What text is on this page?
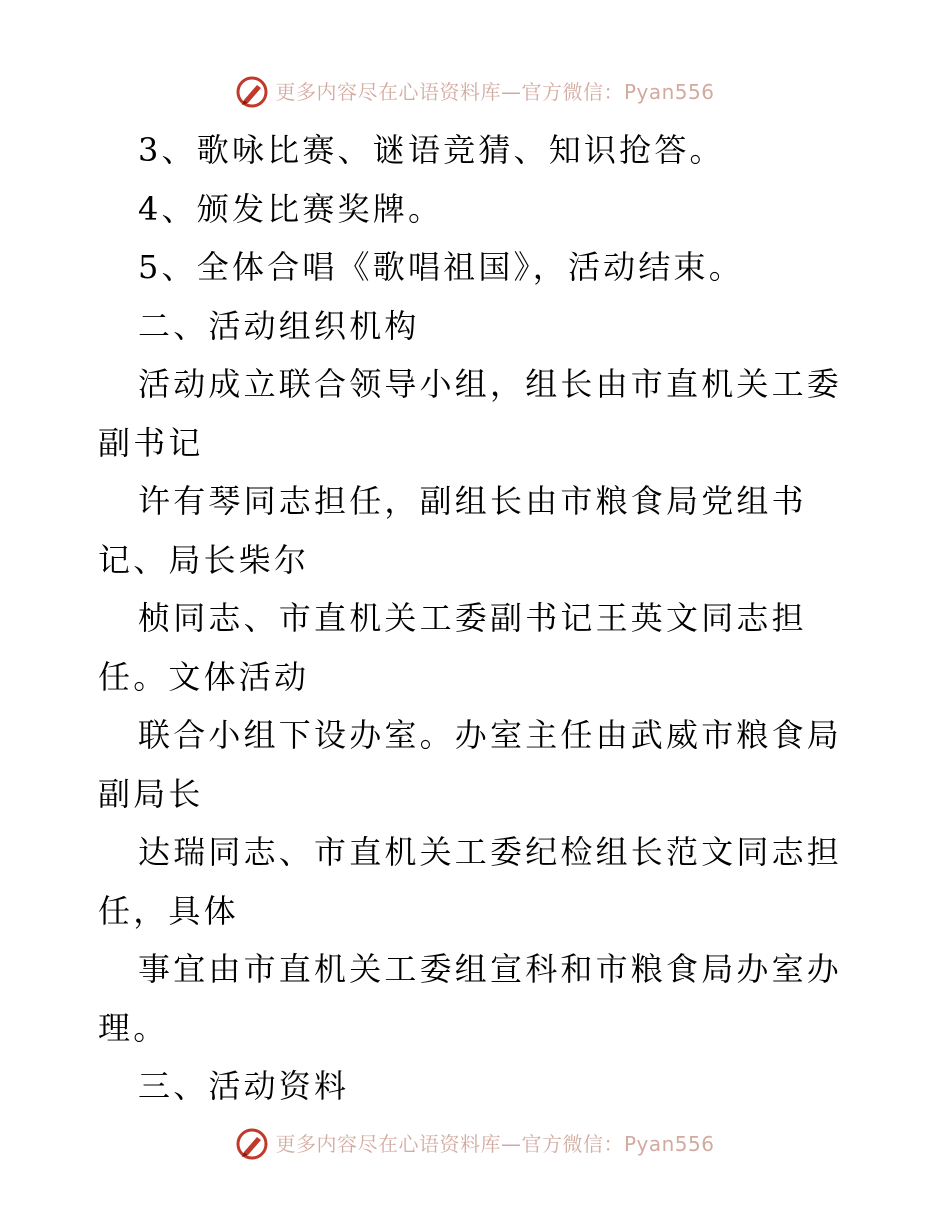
更多内容尽在心语资料库—官方微信：Pyan556

3、歌咏比赛、谜语竞猜、知识抢答。

4、颁发比赛奖牌。

5、全体合唱《歌唱祖国》，活动结束。

二、活动组织机构

活动成立联合领导小组，组长由市直机关工委副书记

许有琴同志担任，副组长由市粮食局党组书记、局长柴尔

桢同志、市直机关工委副书记王英文同志担任。文体活动

联合小组下设办室。办室主任由武威市粮食局副局长

达瑞同志、市直机关工委纪检组长范文同志担任，具体

事宜由市直机关工委组宣科和市粮食局办室办理。

三、活动资料

更多内容尽在心语资料库—官方微信：Pyan556
